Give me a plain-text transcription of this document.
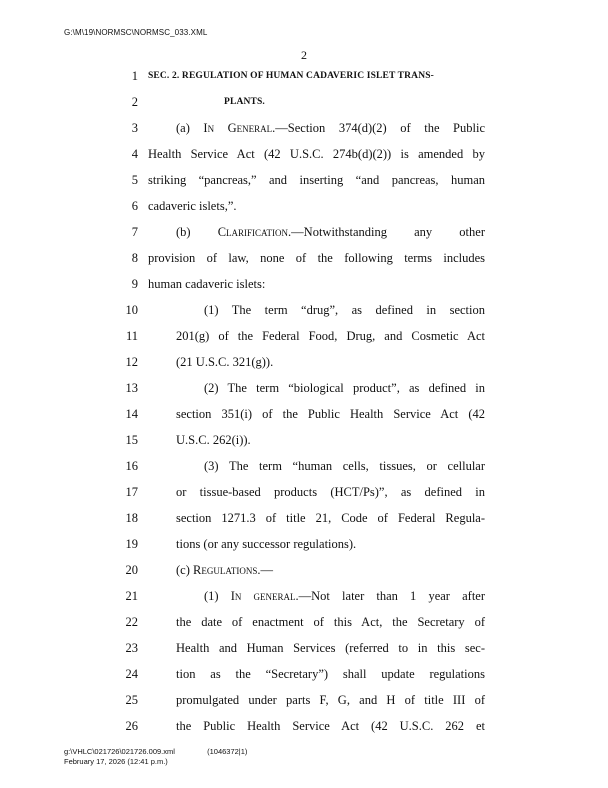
G:\M\19\NORMSC\NORMSC_033.XML
2
1 SEC. 2. REGULATION OF HUMAN CADAVERIC ISLET TRANS-
2	PLANTS.
3	(a) In General.—Section 374(d)(2) of the Public
4 Health Service Act (42 U.S.C. 274b(d)(2)) is amended by
5 striking “pancreas,” and inserting “and pancreas, human
6 cadaveric islets,”.
7	(b) Clarification.—Notwithstanding any other
8 provision of law, none of the following terms includes
9 human cadaveric islets:
10	(1) The term “drug”, as defined in section
11	201(g) of the Federal Food, Drug, and Cosmetic Act
12	(21 U.S.C. 321(g)).
13	(2) The term “biological product”, as defined in
14	section 351(i) of the Public Health Service Act (42
15	U.S.C. 262(i)).
16	(3) The term “human cells, tissues, or cellular
17	or tissue-based products (HCT/Ps)”, as defined in
18	section 1271.3 of title 21, Code of Federal Regula-
19	tions (or any successor regulations).
20	(c) Regulations.—
21	(1) In general.—Not later than 1 year after
22	the date of enactment of this Act, the Secretary of
23	Health and Human Services (referred to in this sec-
24	tion as the “Secretary”) shall update regulations
25	promulgated under parts F, G, and H of title III of
26	the Public Health Service Act (42 U.S.C. 262 et
g:\VHLC\021726\021726.009.xml	(1046372|1)
February 17, 2026 (12:41 p.m.)
